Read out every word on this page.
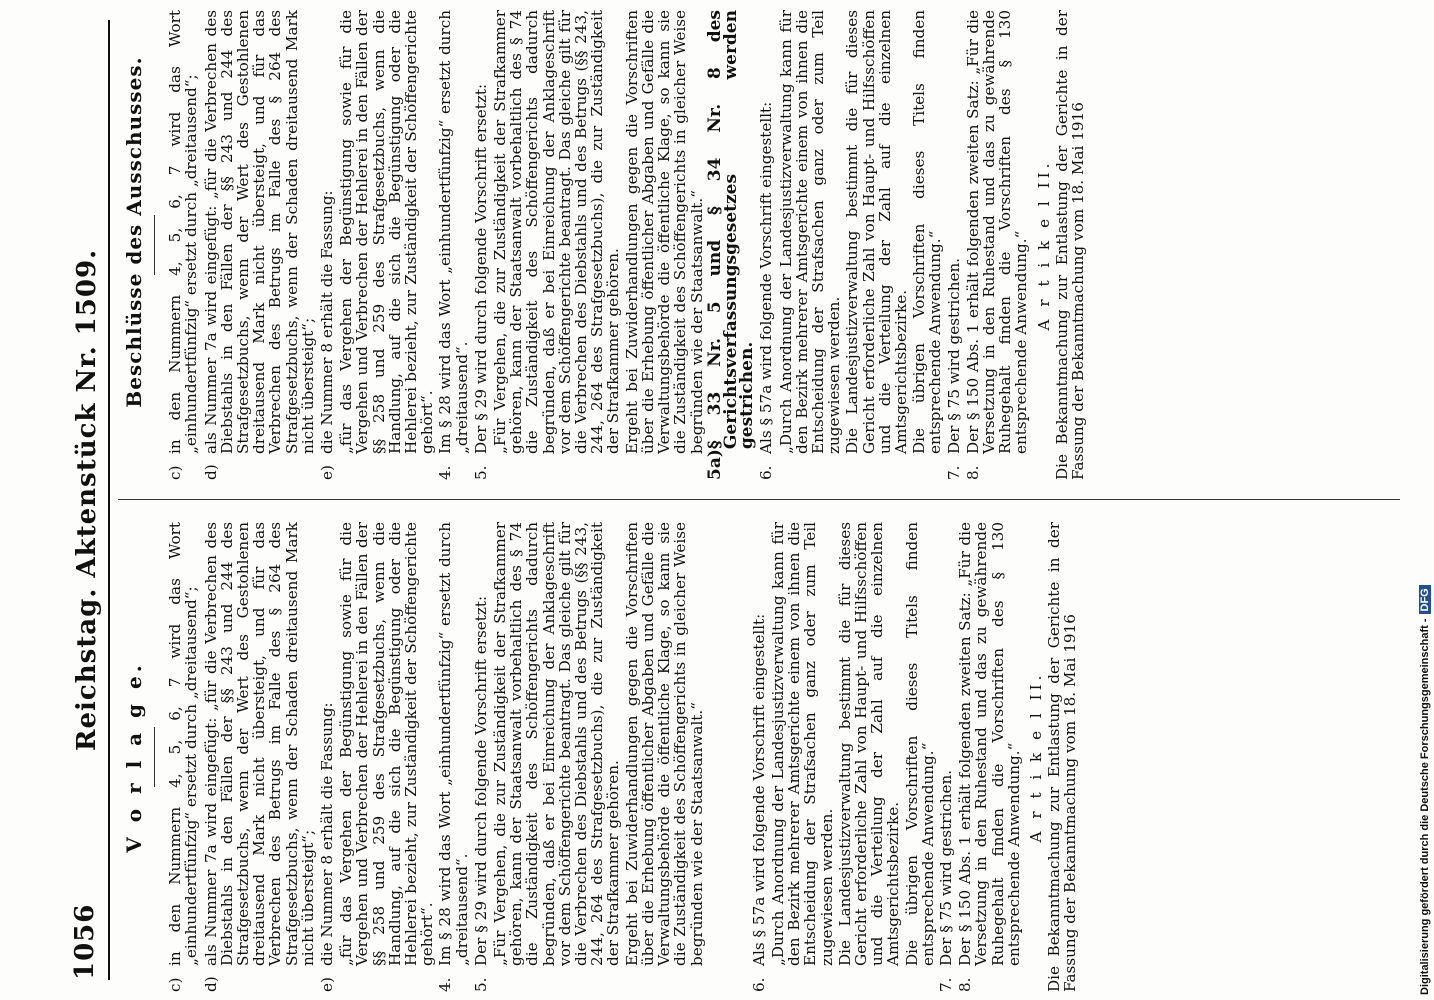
1056
Reichstag. Aktenstück Nr. 1509.
V o r l a g e.
c)
in den Nummern 4, 5, 6, 7 wird das Wort „einhundertfünfzig“ ersetzt durch „dreitausend“;
d)
als Nummer 7a wird eingefügt: „für die Verbrechen des Diebstahls in den Fällen der §§ 243 und 244 des Strafgesetzbuchs, wenn der Wert des Gestohlenen dreitausend Mark nicht übersteigt, und für das Verbrechen des Betrugs im Falle des § 264 des Strafgesetzbuchs, wenn der Schaden dreitausend Mark nicht übersteigt“;
e)
die Nummer 8 erhält die Fassung: „für das Vergehen der Begünstigung sowie für die Vergehen und Verbrechen der Hehlerei in den Fällen der §§ 258 und 259 des Strafgesetzbuchs, wenn die Handlung, auf die sich die Begünstigung oder die Hehlerei bezieht, zur Zuständigkeit der Schöffengerichte gehört“.
4.
Im § 28 wird das Wort „einhundertfünfzig“ ersetzt durch „dreitausend“.
5.
Der § 29 wird durch folgende Vorschrift ersetzt: „Für Vergehen, die zur Zuständigkeit der Strafkammer gehören, kann der Staatsanwalt vorbehaltlich des § 74 die Zuständigkeit des Schöffengerichts dadurch begründen, daß er bei Einreichung der Anklageschrift vor dem Schöffengerichte beantragt. Das gleiche gilt für die Verbrechen des Diebstahls und des Betrugs (§§ 243, 244, 264 des Strafgesetzbuchs), die zur Zuständigkeit der Strafkammer gehören. Ergeht bei Zuwiderhandlungen gegen die Vorschriften über die Erhebung öffentlicher Abgaben und Gefälle die Verwaltungsbehörde die öffentliche Klage, so kann sie die Zuständigkeit des Schöffengerichts in gleicher Weise begründen wie der Staatsanwalt.“
6.
Als § 57a wird folgende Vorschrift eingestellt: „Durch Anordnung der Landesjustizverwaltung kann für den Bezirk mehrerer Amtsgerichte einem von ihnen die Entscheidung der Strafsachen ganz oder zum Teil zugewiesen werden. Die Landesjustizverwaltung bestimmt die für dieses Gericht erforderliche Zahl von Haupt- und Hilfsschöffen und die Verteilung der Zahl auf die einzelnen Amtsgerichtsbezirke. Die übrigen Vorschriften dieses Titels finden entsprechende Anwendung.“
7.
Der § 75 wird gestrichen.
8.
Der § 150 Abs. 1 erhält folgenden zweiten Satz: „Für die Versetzung in den Ruhestand und das zu gewährende Ruhegehalt finden die Vorschriften des § 130 entsprechende Anwendung.“ A r t i k e l II. Die Bekanntmachung zur Entlastung der Gerichte in der Fassung der Bekanntmachung vom 18. Mai 1916
Beschlüsse des Ausschusses.
c)
in den Nummern 4, 5, 6, 7 wird das Wort „einhundertfünfzig“ ersetzt durch „dreitausend“;
d)
als Nummer 7a wird eingefügt: „für die Verbrechen des Diebstahls in den Fällen der §§ 243 und 244 des Strafgesetzbuchs, wenn der Wert des Gestohlenen dreitausend Mark nicht übersteigt, und für das Verbrechen des Betrugs im Falle des § 264 des Strafgesetzbuchs, wenn der Schaden dreitausend Mark nicht übersteigt“;
e)
die Nummer 8 erhält die Fassung: „für das Vergehen der Begünstigung sowie für die Vergehen und Verbrechen der Hehlerei in den Fällen der §§ 258 und 259 des Strafgesetzbuchs, wenn die Handlung, auf die sich die Begünstigung oder die Hehlerei bezieht, zur Zuständigkeit der Schöffengerichte gehört“.
4.
Im § 28 wird das Wort „einhundertfünfzig“ ersetzt durch „dreitausend“.
5.
Der § 29 wird durch folgende Vorschrift ersetzt: „Für Vergehen, die zur Zuständigkeit der Strafkammer gehören, kann der Staatsanwalt vorbehaltlich des § 74 die Zuständigkeit des Schöffengerichts dadurch begründen, daß er bei Einreichung der Anklageschrift vor dem Schöffengerichte beantragt. Das gleiche gilt für die Verbrechen des Diebstahls und des Betrugs (§§ 243, 244, 264 des Strafgesetzbuchs), die zur Zuständigkeit der Strafkammer gehören. Ergeht bei Zuwiderhandlungen gegen die Vorschriften über die Erhebung öffentlicher Abgaben und Gefälle die Verwaltungsbehörde die öffentliche Klage, so kann sie die Zuständigkeit des Schöffengerichts in gleicher Weise begründen wie der Staatsanwalt.“
5a)
§ 33 Nr. 5 und § 34 Nr. 8 des Gerichtsverfassungsgesetzes werden gestrichen.
6.
Als § 57a wird folgende Vorschrift eingestellt: „Durch Anordnung der Landesjustizverwaltung kann für den Bezirk mehrerer Amtsgerichte einem von ihnen die Entscheidung der Strafsachen ganz oder zum Teil zugewiesen werden. Die Landesjustizverwaltung bestimmt die für dieses Gericht erforderliche Zahl von Haupt- und Hilfsschöffen und die Verteilung der Zahl auf die einzelnen Amtsgerichtsbezirke. Die übrigen Vorschriften dieses Titels finden entsprechende Anwendung.“
7.
Der § 75 wird gestrichen.
8.
Der § 150 Abs. 1 erhält folgenden zweiten Satz: „Für die Versetzung in den Ruhestand und das zu gewährende Ruhegehalt finden die Vorschriften des § 130 entsprechende Anwendung.“ A r t i k e l II. Die Bekanntmachung zur Entlastung der Gerichte in der Fassung der Bekanntmachung vom 18. Mai 1916
Digitalisierung gefördert durch die Deutsche Forschungsgemeinschaft -DFG
